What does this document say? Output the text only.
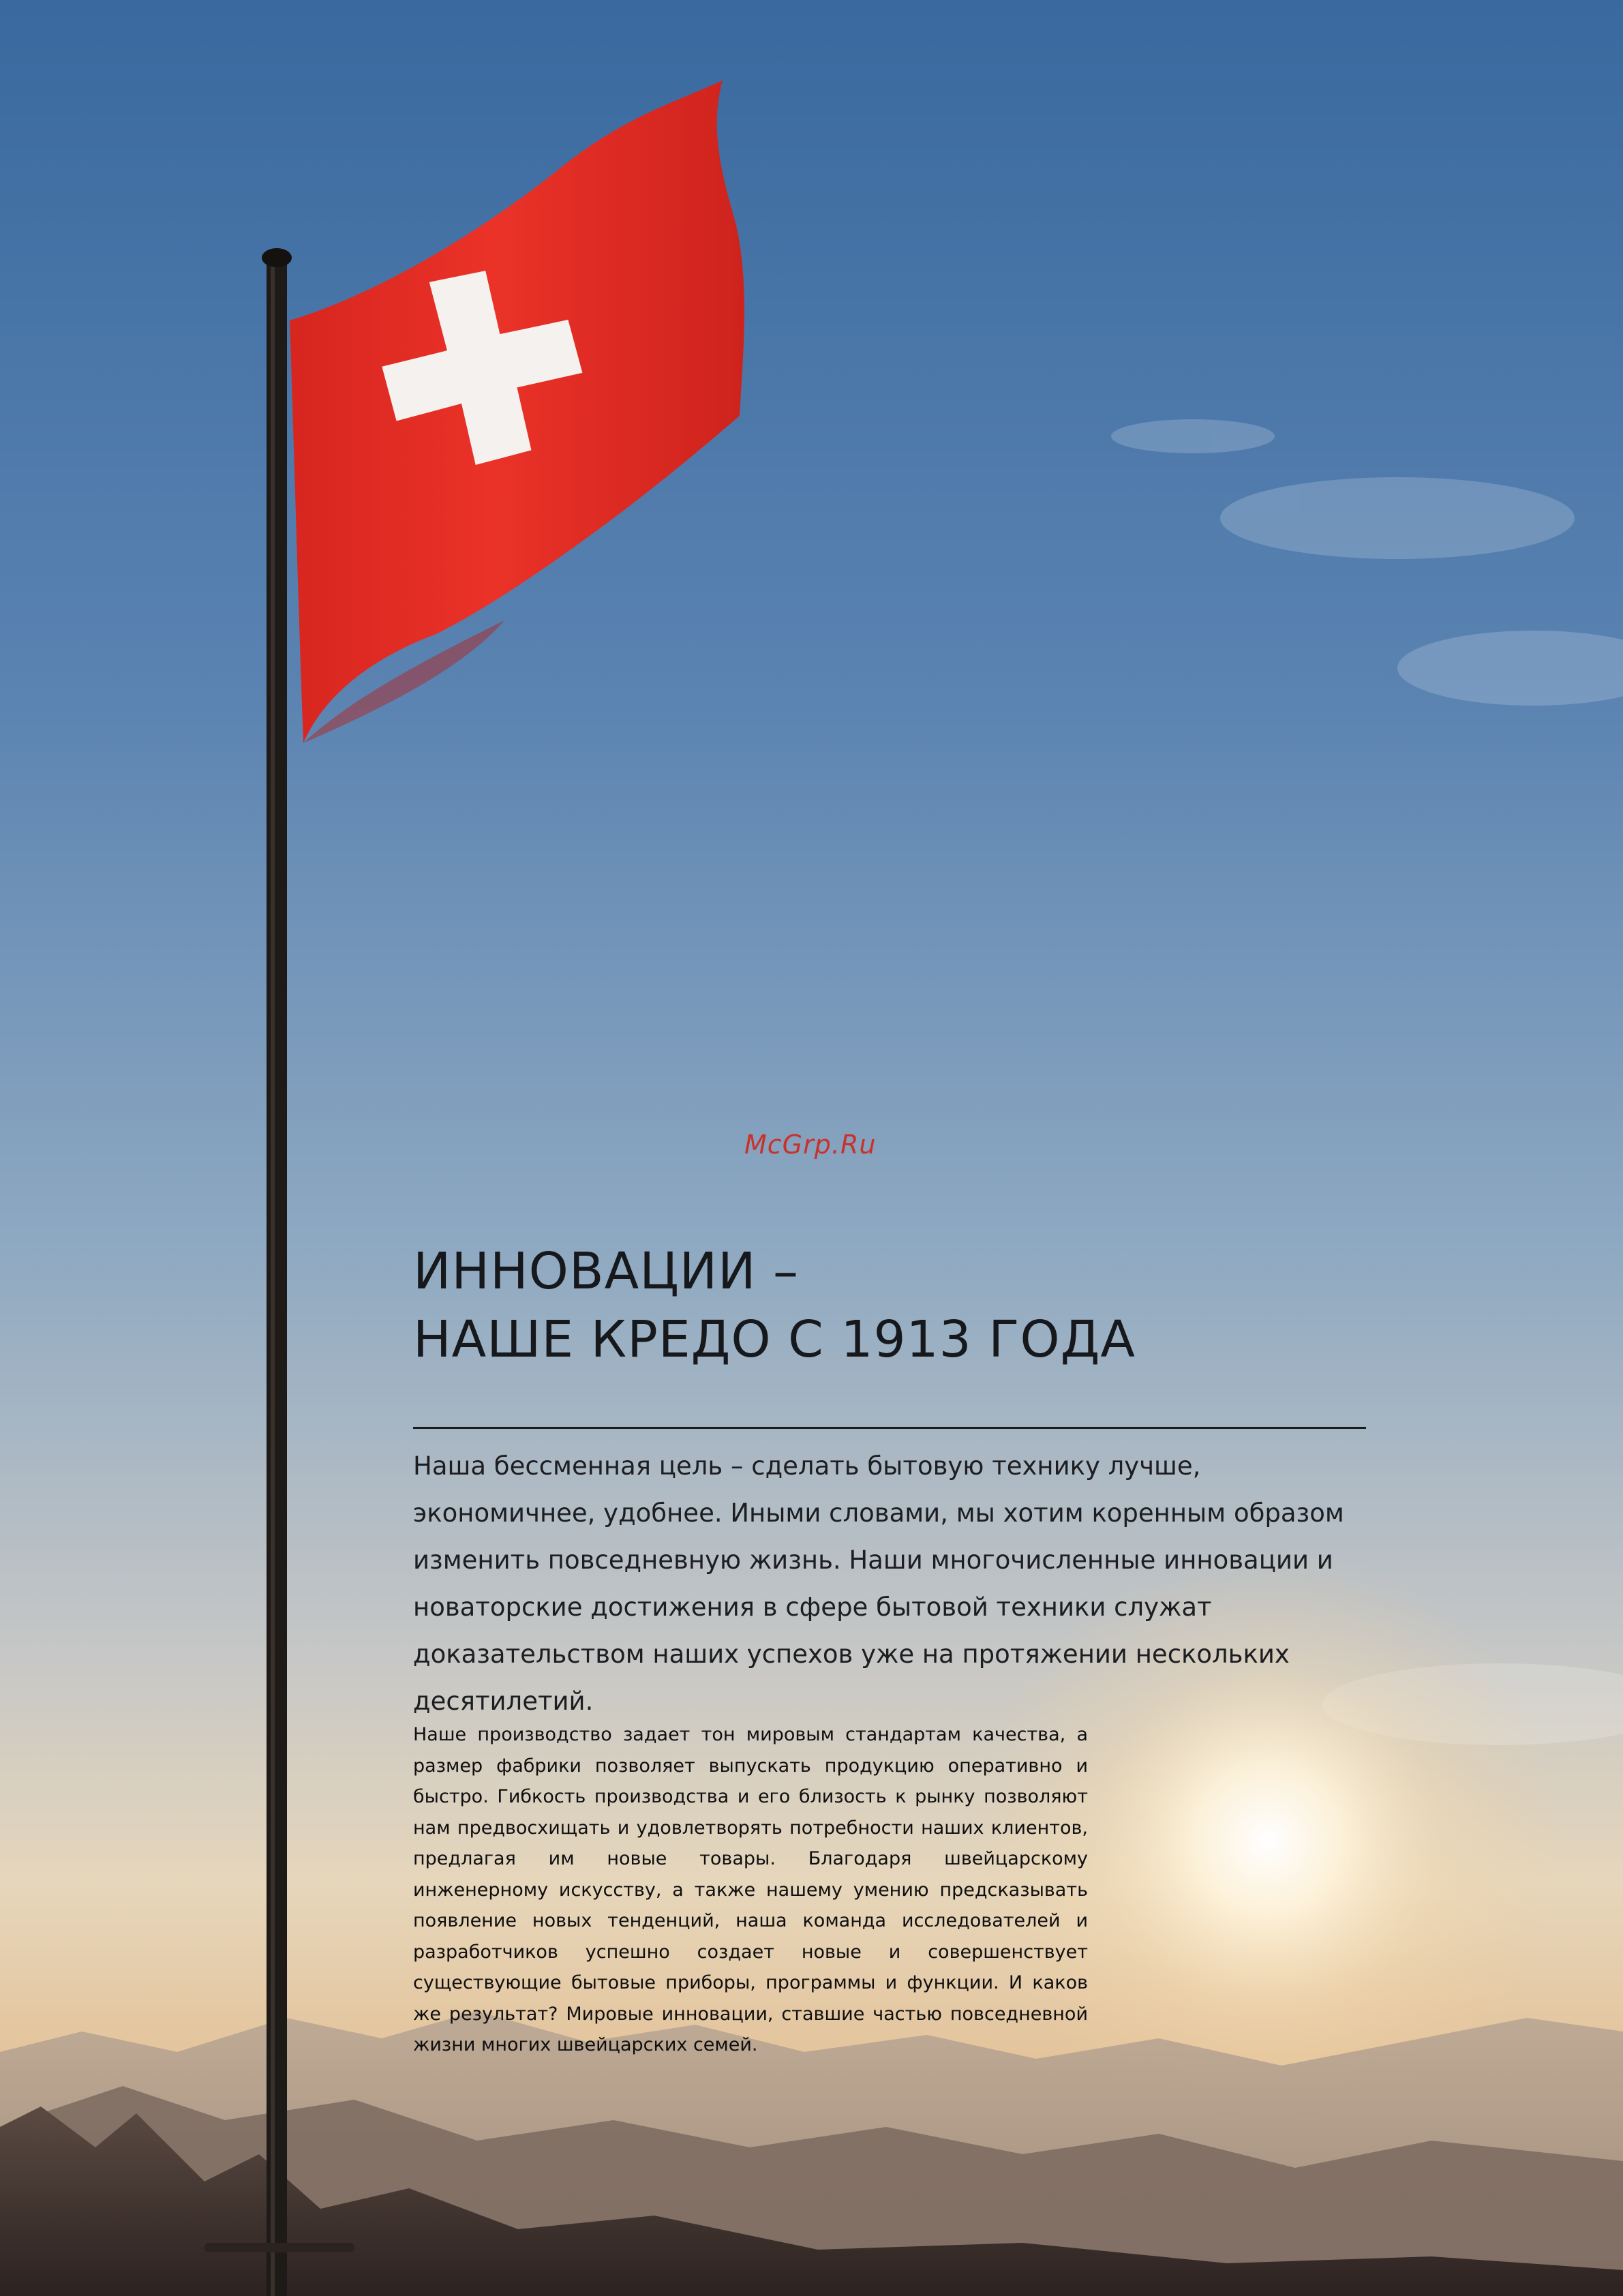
McGrp.Ru
ИННОВАЦИИ –
НАШЕ КРЕДО С 1913 ГОДА

Наша бессменная цель – сделать бытовую технику лучше, экономичнее, удобнее. Иными словами, мы хотим коренным образом изменить повседневную жизнь. Наши многочисленные инновации и новаторские достижения в сфере бытовой техники служат доказательством наших успехов уже на протяжении нескольких десятилетий.

Наше производство задает тон мировым стандартам качества, а размер фабрики позволяет выпускать продукцию оперативно и быстро. Гибкость производства и его близость к рынку позволяют нам предвосхищать и удовлетворять потребности наших клиентов, предлагая им новые товары. Благодаря швейцарскому инженерному искусству, а также нашему умению предсказывать появление новых тенденций, наша команда исследователей и разработчиков успешно создает новые и совершенствует существующие бытовые приборы, программы и функции. И каков же результат? Мировые инновации, ставшие частью повседневной жизни многих швейцарских семей.
